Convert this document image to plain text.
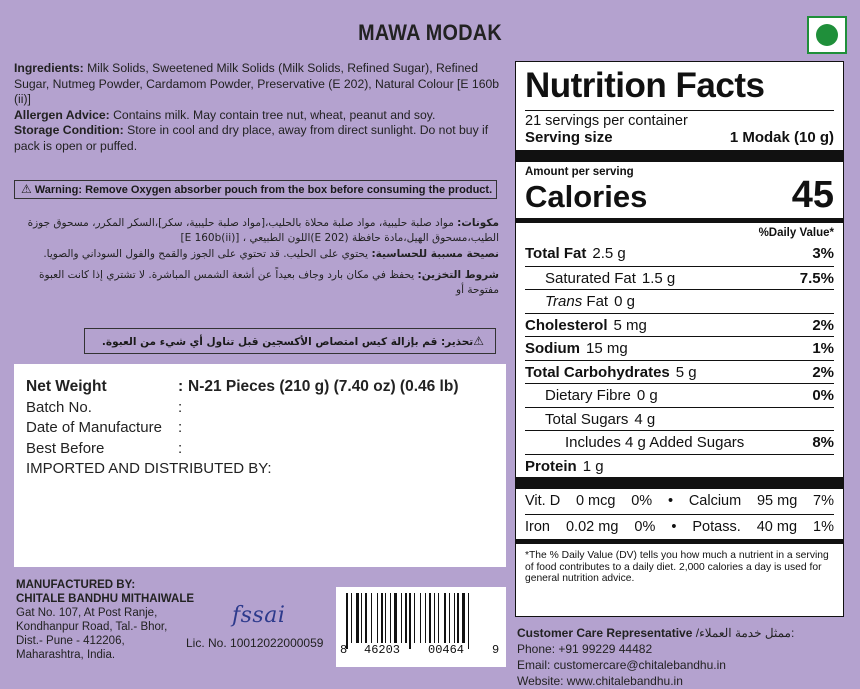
MAWA MODAK

Ingredients: Milk Solids, Sweetened Milk Solids (Milk Solids, Refined Sugar), Refined Sugar, Nutmeg Powder, Cardamom Powder, Preservative (E 202), Natural Colour [E 160b (ii)]

Allergen Advice: Contains milk. May contain tree nut, wheat, peanut and soy.

Storage Condition: Store in cool and dry place, away from direct sunlight. Do not buy if pack is open or puffed.

⚠ Warning: Remove Oxygen absorber pouch from the box before consuming the product.

مكونات: مواد صلبة حليبية، مواد صلبة محلاة بالحليب،[مواد صلبة حليبية، سكر]،السكر المكرر، مسحوق جوزة الطيب،مسحوق الهيل،مادة حافظة (E 202)اللون الطبيعي ، [(E 160b(ii]

نصيحة مسببة للحساسية: يحتوي على الحليب. قد تحتوي على الجوز والقمح والفول السوداني والصويا.

شروط التخزين: يحفظ في مكان بارد وجاف بعيداً عن أشعة الشمس المباشرة. لا تشتري إذا كانت العبوة مفتوحة أو

⚠تحذير: قم بإزالة كيس امتصاص الأكسجين قبل تناول أي شيء من العبوة.
Net Weight	: N-21 Pieces (210 g) (7.40 oz) (0.46 lb)
Batch No.	:
Date of Manufacture :
Best Before	:
IMPORTED AND DISTRIBUTED BY:
MANUFACTURED BY:
CHITALE BANDHU MITHAIWALE
Gat No. 107, At Post Ranje,
Kondhanpur Road, Tal.- Bhor,
Dist.- Pune - 412206,
Maharashtra, India.
fssai
Lic. No. 10012022000059 8 46203 00464 9
Nutrition Facts
21 servings per container
Serving size	1 Modak (10 g)
Amount per serving
Calories	45
%Daily Value*
Total Fat 2.5 g	3%
Saturated Fat 1.5 g	7.5%
Trans Fat 0 g
Cholesterol 5 mg	2%
Sodium 15 mg	1%
Total Carbohydrates 5 g	2%
Dietary Fibre 0 g	0%
Total Sugars 4 g
Includes 4 g Added Sugars	8%
Protein 1 g
Vit. D 0 mcg 0% • Calcium 95 mg 7%
Iron 0.02 mg 0% • Potass. 40 mg 1%
*The % Daily Value (DV) tells you how much a nutrient in a serving of food contributes to a daily diet. 2,000 calories a day is used for general nutrition advice.
Customer Care Representative /ممثل خدمة العملاء:
Phone: +91 99229 44482
Email: customercare@chitalebandhu.in
Website: www.chitalebandhu.in
